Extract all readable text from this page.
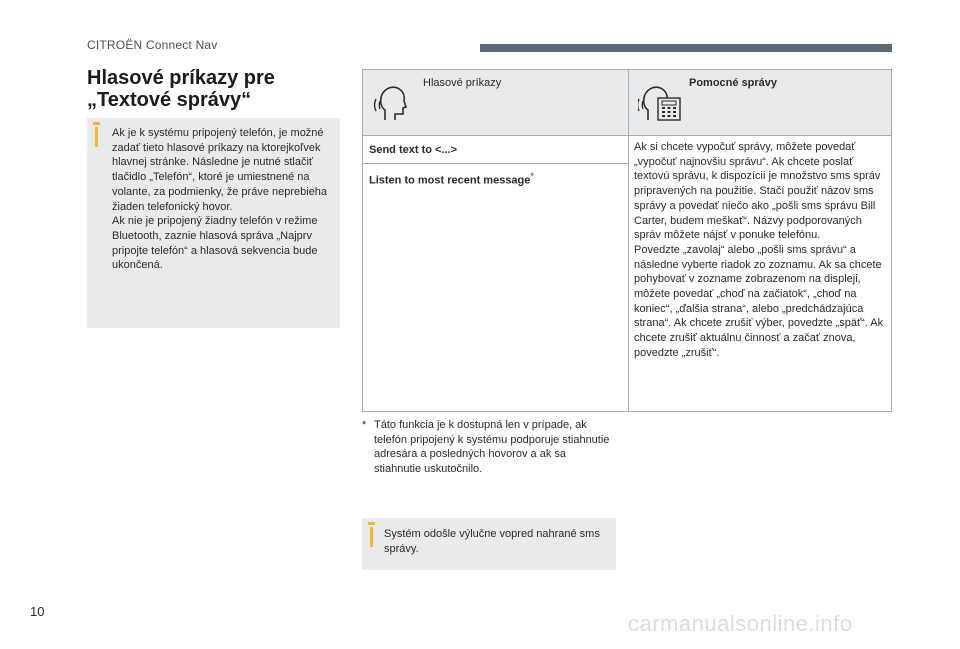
CITROËN Connect Nav
Hlasové príkazy pre „Textové správy“
Ak je k systému pripojený telefón, je možné zadať tieto hlasové príkazy na ktorejkoľvek hlavnej stránke. Následne je nutné stlačiť tlačidlo „Telefón“, ktoré je umiestnené na volante, za podmienky, že práve neprebieha žiaden telefonický hovor.
Ak nie je pripojený žiadny telefón v režime Bluetooth, zaznie hlasová správa „Najprv pripojte telefón“ a hlasová sekvencia bude ukončená.
Hlasové príkazy	Pomocné správy
Send text to <...>
Listen to most recent message*
Ak si chcete vypočuť správy, môžete povedať „vypočuť najnovšiu správu“. Ak chcete poslať textovú správu, k dispozícii je množstvo sms správ pripravených na použitie. Stačí použiť názov sms správy a povedať niečo ako „pošli sms správu Bill Carter, budem meškať“. Názvy podporovaných správ môžete nájsť v ponuke telefónu.
Povedzte „zavolaj“ alebo „pošli sms správu“ a následne vyberte riadok zo zoznamu. Ak sa chcete pohybovať v zozname zobrazenom na displeji, môžete povedať „choď na začiatok“, „choď na koniec“, „ďalšia strana“, alebo „predchádzajúca strana“. Ak chcete zrušiť výber, povedzte „späť“. Ak chcete zrušiť aktuálnu činnosť a začať znova, povedzte „zrušiť“.
* Táto funkcia je k dostupná len v prípade, ak telefón pripojený k systému podporuje stiahnutie adresára a posledných hovorov a ak sa stiahnutie uskutočnilo.
Systém odošle výlučne vopred nahrané sms správy.
10	carmanualsonline.info
